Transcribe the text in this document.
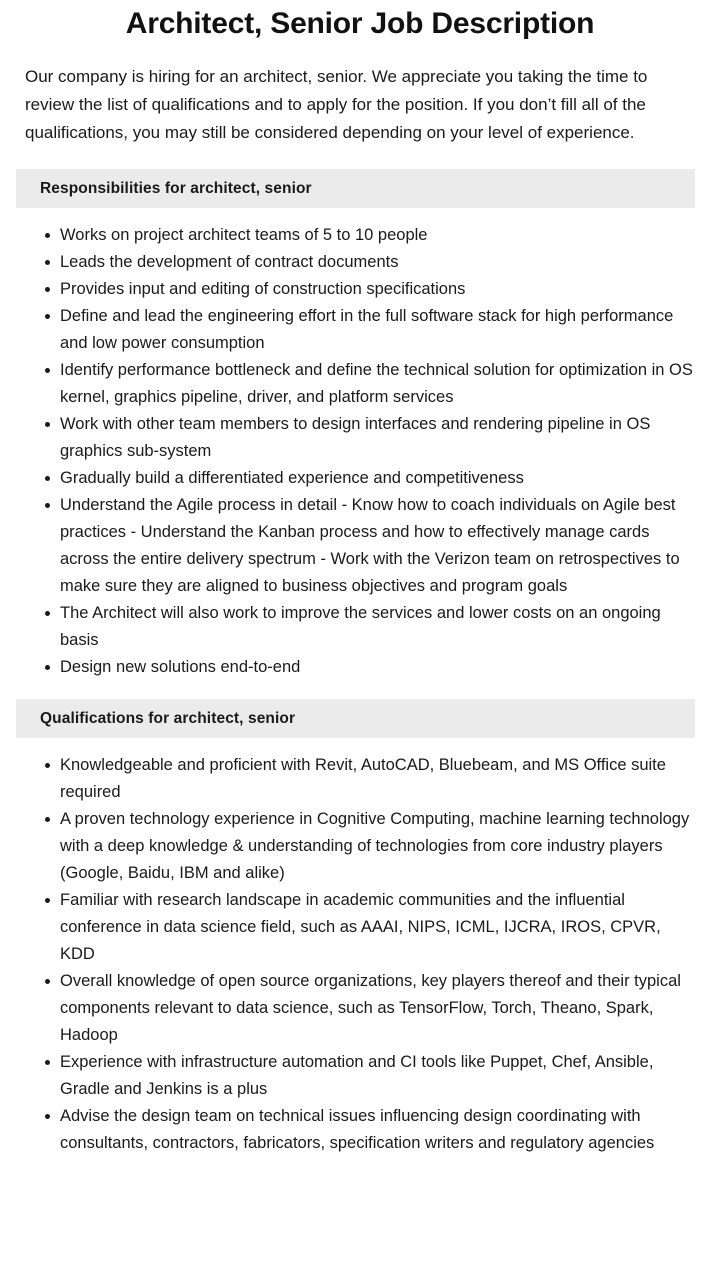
Architect, Senior Job Description

Our company is hiring for an architect, senior. We appreciate you taking the time to review the list of qualifications and to apply for the position. If you don’t fill all of the qualifications, you may still be considered depending on your level of experience.

Responsibilities for architect, senior
Works on project architect teams of 5 to 10 people
Leads the development of contract documents
Provides input and editing of construction specifications
Define and lead the engineering effort in the full software stack for high performance and low power consumption
Identify performance bottleneck and define the technical solution for optimization in OS kernel, graphics pipeline, driver, and platform services
Work with other team members to design interfaces and rendering pipeline in OS graphics sub-system
Gradually build a differentiated experience and competitiveness
Understand the Agile process in detail - Know how to coach individuals on Agile best practices - Understand the Kanban process and how to effectively manage cards across the entire delivery spectrum - Work with the Verizon team on retrospectives to make sure they are aligned to business objectives and program goals
The Architect will also work to improve the services and lower costs on an ongoing basis
Design new solutions end-to-end
Qualifications for architect, senior
Knowledgeable and proficient with Revit, AutoCAD, Bluebeam, and MS Office suite required
A proven technology experience in Cognitive Computing, machine learning technology with a deep knowledge & understanding of technologies from core industry players (Google, Baidu, IBM and alike)
Familiar with research landscape in academic communities and the influential conference in data science field, such as AAAI, NIPS, ICML, IJCRA, IROS, CPVR, KDD
Overall knowledge of open source organizations, key players thereof and their typical components relevant to data science, such as TensorFlow, Torch, Theano, Spark, Hadoop
Experience with infrastructure automation and CI tools like Puppet, Chef, Ansible, Gradle and Jenkins is a plus
Advise the design team on technical issues influencing design coordinating with consultants, contractors, fabricators, specification writers and regulatory agencies
